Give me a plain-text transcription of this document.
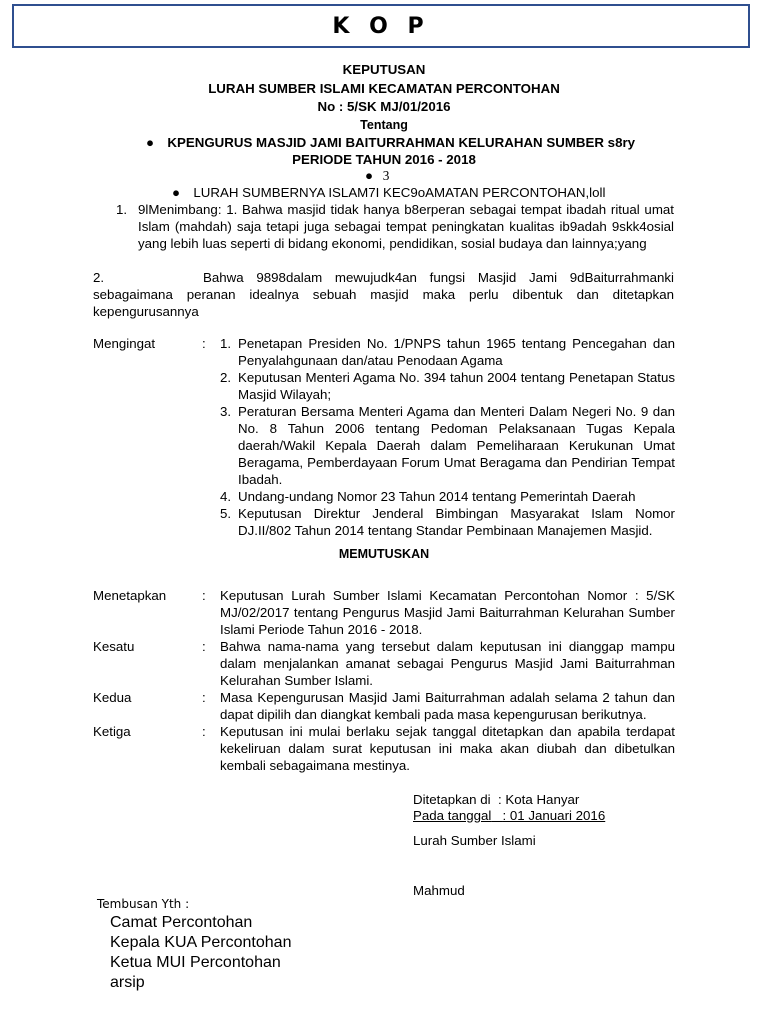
K O P
KEPUTUSAN
LURAH SUMBER ISLAMI KECAMATAN PERCONTOHAN
No : 5/SK MJ/01/2016
Tentang
● KPENGURUS MASJID JAMI BAITURRAHMAN KELURAHAN SUMBER s8ry
PERIODE TAHUN 2016 - 2018
● 3
● LURAH SUMBERNYA ISLAM7I KEC9oAMATAN PERCONTOHAN,loll
1. 9lMenimbang: 1. Bahwa masjid tidak hanya b8erperan sebagai tempat ibadah ritual umat Islam (mahdah) saja tetapi juga sebagai tempat peningkatan kualitas ib9adah 9skk4osial yang lebih luas seperti di bidang ekonomi, pendidikan, sosial budaya dan lainnya;yang
2.	Bahwa 9898dalam mewujudk4an fungsi Masjid Jami 9dBaiturrahmanki sebagaimana peranan idealnya sebuah masjid maka perlu dibentuk dan ditetapkan kepengurusannya
Mengingat	: 1. Penetapan Presiden No. 1/PNPS tahun 1965 tentang Pencegahan dan Penyalahgunaan dan/atau Penodaan Agama
2. Keputusan Menteri Agama No. 394 tahun 2004 tentang Penetapan Status Masjid Wilayah;
3. Peraturan Bersama Menteri Agama dan Menteri Dalam Negeri No. 9 dan No. 8 Tahun 2006 tentang Pedoman Pelaksanaan Tugas Kepala daerah/Wakil Kepala Daerah dalam Pemeliharaan Kerukunan Umat Beragama, Pemberdayaan Forum Umat Beragama dan Pendirian Tempat Ibadah.
4. Undang-undang Nomor 23 Tahun 2014 tentang Pemerintah Daerah
5. Keputusan Direktur Jenderal Bimbingan Masyarakat Islam Nomor DJ.II/802 Tahun 2014 tentang Standar Pembinaan Manajemen Masjid.
MEMUTUSKAN
Menetapkan	: Keputusan Lurah Sumber Islami Kecamatan Percontohan Nomor : 5/SK MJ/02/2017 tentang Pengurus Masjid Jami Baiturrahman Kelurahan Sumber Islami Periode Tahun 2016 - 2018.
Kesatu	: Bahwa nama-nama yang tersebut dalam keputusan ini dianggap mampu dalam menjalankan amanat sebagai Pengurus Masjid Jami Baiturrahman Kelurahan Sumber Islami.
Kedua	: Masa Kepengurusan Masjid Jami Baiturrahman adalah selama 2 tahun dan dapat dipilih dan diangkat kembali pada masa kepengurusan berikutnya.
Ketiga	: Keputusan ini mulai berlaku sejak tanggal ditetapkan dan apabila terdapat kekeliruan dalam surat keputusan ini maka akan diubah dan dibetulkan kembali sebagaimana mestinya.
Ditetapkan di : Kota Hanyar
Pada tanggal : 01 Januari 2016
Lurah Sumber Islami
Mahmud
Tembusan Yth :
Camat Percontohan
Kepala KUA Percontohan
Ketua MUI Percontohan
arsip
